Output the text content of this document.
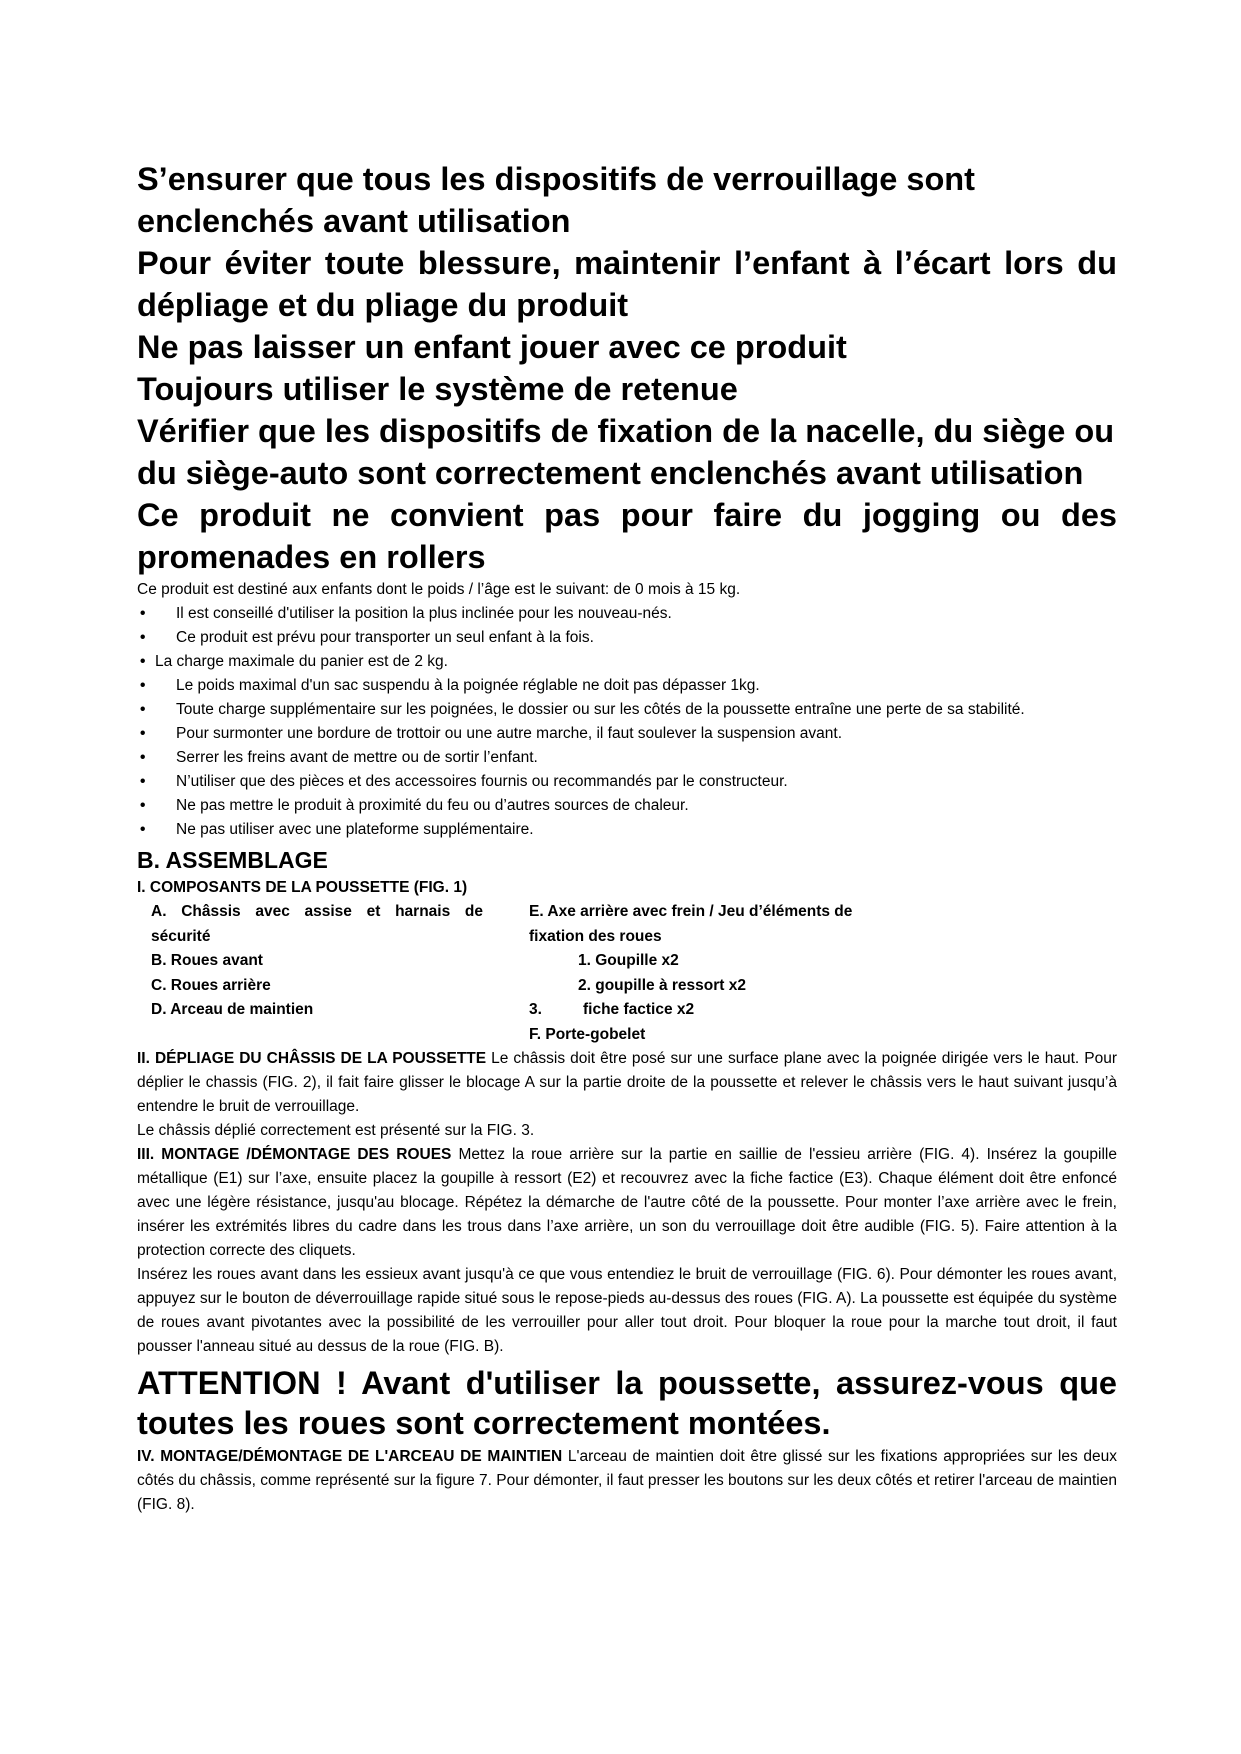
S’ensurer que tous les dispositifs de verrouillage sont enclenchés avant utilisation

Pour éviter toute blessure, maintenir l’enfant à l’écart lors du dépliage et du pliage du produit

Ne pas laisser un enfant jouer avec ce produit

Toujours utiliser le système de retenue

Vérifier que les dispositifs de fixation de la nacelle, du siège ou du siège-auto sont correctement enclenchés avant utilisation

Ce produit ne convient pas pour faire du jogging ou des promenades en rollers

Ce produit est destiné aux enfants dont le poids / l’âge est le suivant: de 0 mois à 15 kg.

• Il est conseillé d'utiliser la position la plus inclinée pour les nouveau-nés.
• Ce produit est prévu pour transporter un seul enfant à la fois.
• La charge maximale du panier est de 2 kg.
• Le poids maximal d'un sac suspendu à la poignée réglable ne doit pas dépasser 1kg.
• Toute charge supplémentaire sur les poignées, le dossier ou sur les côtés de la poussette entraîne une perte de sa stabilité.
• Pour surmonter une bordure de trottoir ou une autre marche, il faut soulever la suspension avant.
• Serrer les freins avant de mettre ou de sortir l’enfant.
• N’utiliser que des pièces et des accessoires fournis ou recommandés par le constructeur.
• Ne pas mettre le produit à proximité du feu ou d’autres sources de chaleur.
• Ne pas utiliser avec une plateforme supplémentaire.

B. ASSEMBLAGE

I. COMPOSANTS DE LA POUSSETTE (FIG. 1)

A. Châssis avec assise et harnais de sécurité

B. Roues avant

C. Roues arrière

D. Arceau de maintien

E. Axe arrière avec frein / Jeu d’éléments de fixation des roues

1. Goupille x2

2. goupille à ressort x2

3.	fiche factice x2

F. Porte-gobelet

II. DÉPLIAGE DU CHÂSSIS DE LA POUSSETTE Le châssis doit être posé sur une surface plane avec la poignée dirigée vers le haut. Pour déplier le chassis (FIG. 2), il fait faire glisser le blocage A sur la partie droite de la poussette et relever le châssis vers le haut suivant jusqu’à entendre le bruit de verrouillage.

Le châssis déplié correctement est présenté sur la FIG. 3.

III. MONTAGE /DÉMONTAGE DES ROUES Mettez la roue arrière sur la partie en saillie de l'essieu arrière (FIG. 4). Insérez la goupille métallique (E1) sur l’axe, ensuite placez la goupille à ressort (E2) et recouvrez avec la fiche factice (E3). Chaque élément doit être enfoncé avec une légère résistance, jusqu'au blocage. Répétez la démarche de l'autre côté de la poussette. Pour monter l’axe arrière avec le frein, insérer les extrémités libres du cadre dans les trous dans l’axe arrière, un son du verrouillage doit être audible (FIG. 5). Faire attention à la protection correcte des cliquets.

Insérez les roues avant dans les essieux avant jusqu'à ce que vous entendiez le bruit de verrouillage (FIG. 6). Pour démonter les roues avant, appuyez sur le bouton de déverrouillage rapide situé sous le repose-pieds au-dessus des roues (FIG. A). La poussette est équipée du système de roues avant pivotantes avec la possibilité de les verrouiller pour aller tout droit. Pour bloquer la roue pour la marche tout droit, il faut pousser l'anneau situé au dessus de la roue (FIG. B).

ATTENTION ! Avant d'utiliser la poussette, assurez-vous que toutes les roues sont correctement montées.

IV. MONTAGE/DÉMONTAGE DE L'ARCEAU DE MAINTIEN L'arceau de maintien doit être glissé sur les fixations appropriées sur les deux côtés du châssis, comme représenté sur la figure 7. Pour démonter, il faut presser les boutons sur les deux côtés et retirer l'arceau de maintien (FIG. 8).
